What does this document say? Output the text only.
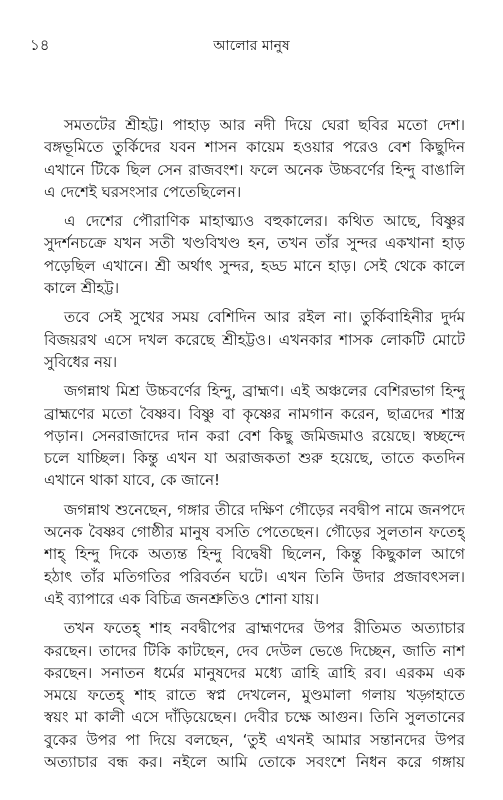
১৪	আলোর মানুষ

সমতটের শ্রীহট্ট। পাহাড় আর নদী দিয়ে ঘেরা ছবির মতো দেশ।
বঙ্গভূমিতে তুর্কিদের যবন শাসন কায়েম হওয়ার পরেও বেশ কিছুদিন
এখানে টিকে ছিল সেন রাজবংশ। ফলে অনেক উচ্চবর্ণের হিন্দু বাঙালি
এ দেশেই ঘরসংসার পেতেছিলেন।

এ দেশের পৌরাণিক মাহাত্ম্যও বহুকালের। কথিত আছে, বিষ্ণুর
সুদর্শনচক্রে যখন সতী খণ্ডবিখণ্ড হন, তখন তাঁর সুন্দর একখানা হাড়
পড়েছিল এখানে। শ্রী অর্থাৎ সুন্দর, হড্ড মানে হাড়। সেই থেকে কালে
কালে শ্রীহট্ট।

তবে সেই সুখের সময় বেশিদিন আর রইল না। তুর্কিবাহিনীর দুর্দম
বিজয়রথ এসে দখল করেছে শ্রীহট্টও। এখনকার শাসক লোকটি মোটে
সুবিধের নয়।

জগন্নাথ মিশ্র উচ্চবর্ণের হিন্দু, ব্রাহ্মণ। এই অঞ্চলের বেশিরভাগ হিন্দু
ব্রাহ্মণের মতো বৈষ্ণব। বিষ্ণু বা কৃষ্ণের নামগান করেন, ছাত্রদের শাস্ত্র
পড়ান। সেনরাজাদের দান করা বেশ কিছু জমিজমাও রয়েছে। স্বচ্ছন্দে
চলে যাচ্ছিল। কিন্তু এখন যা অরাজকতা শুরু হয়েছে, তাতে কতদিন
এখানে থাকা যাবে, কে জানে!

জগন্নাথ শুনেছেন, গঙ্গার তীরে দক্ষিণ গৌড়ের নবদ্বীপ নামে জনপদে
অনেক বৈষ্ণব গোষ্ঠীর মানুষ বসতি পেতেছেন। গৌড়ের সুলতান ফতেহ্
শাহ্ হিন্দু দিকে অত্যন্ত হিন্দু বিদ্বেষী ছিলেন, কিন্তু কিছুকাল আগে
হঠাৎ তাঁর মতিগতির পরিবর্তন ঘটে। এখন তিনি উদার প্রজাবৎসল।
এই ব্যাপারে এক বিচিত্র জনশ্রুতিও শোনা যায়।

তখন ফতেহ্ শাহ নবদ্বীপের ব্রাহ্মণদের উপর রীতিমত অত্যাচার
করছেন। তাদের টিকি কাটছেন, দেব দেউল ভেঙে দিচ্ছেন, জাতি নাশ
করছেন। সনাতন ধর্মের মানুষদের মধ্যে ত্রাহি ত্রাহি রব। এরকম এক
সময়ে ফতেহ্ শাহ রাতে স্বপ্ন দেখলেন, মুণ্ডমালা গলায় খড়্গহাতে
স্বয়ং মা কালী এসে দাঁড়িয়েছেন। দেবীর চক্ষে আগুন। তিনি সুলতানের
বুকের উপর পা দিয়ে বলছেন, ‘তুই এখনই আমার সন্তানদের উপর
অত্যাচার বন্ধ কর। নইলে আমি তোকে সবংশে নিধন করে গঙ্গায়
